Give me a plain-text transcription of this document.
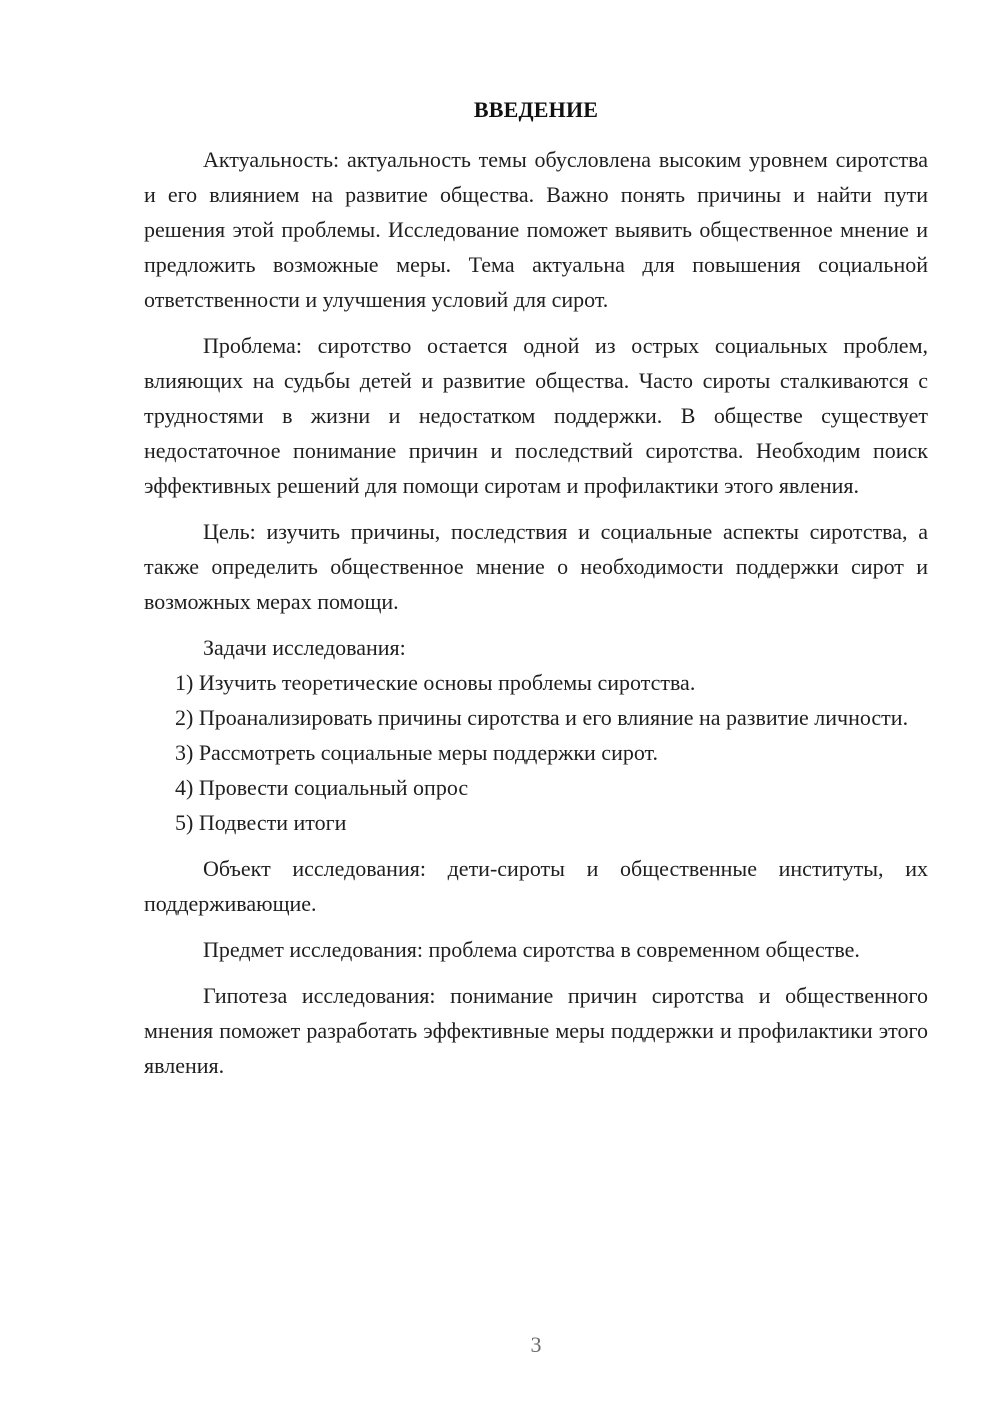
ВВЕДЕНИЕ

Актуальность: актуальность темы обусловлена высоким уровнем сиротства и его влиянием на развитие общества. Важно понять причины и найти пути решения этой проблемы. Исследование поможет выявить общественное мнение и предложить возможные меры. Тема актуальна для повышения социальной ответственности и улучшения условий для сирот.

Проблема: сиротство остается одной из острых социальных проблем, влияющих на судьбы детей и развитие общества. Часто сироты сталкиваются с трудностями в жизни и недостатком поддержки. В обществе существует недостаточное понимание причин и последствий сиротства. Необходим поиск эффективных решений для помощи сиротам и профилактики этого явления.

Цель: изучить причины, последствия и социальные аспекты сиротства, а также определить общественное мнение о необходимости поддержки сирот и возможных мерах помощи.

Задачи исследования:

1) Изучить теоретические основы проблемы сиротства.

2) Проанализировать причины сиротства и его влияние на развитие личности.

3) Рассмотреть социальные меры поддержки сирот.

4) Провести социальный опрос

5) Подвести итоги

Объект исследования: дети-сироты и общественные институты, их поддерживающие.

Предмет исследования: проблема сиротства в современном обществе.

Гипотеза исследования: понимание причин сиротства и общественного мнения поможет разработать эффективные меры поддержки и профилактики этого явления.

3
